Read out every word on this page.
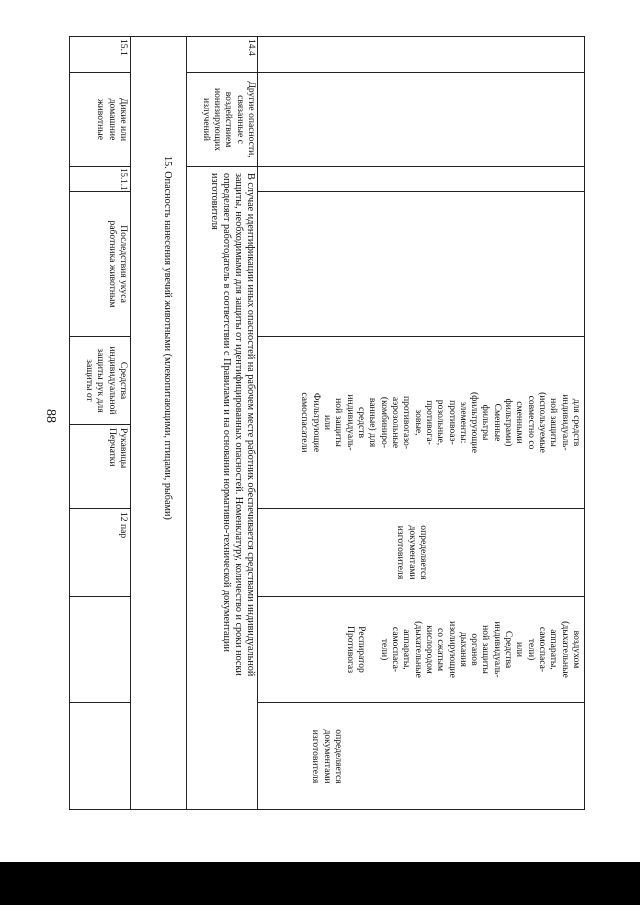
88	для средств
индивидуаль-
ной защиты
(используемые
совместно со
сменными
фильтрами)
Сменные
фильтры
(фильтрующие
элементы:
противоаэ-
розольные,
противога-
зовые,
противогазо-
аэрозольные
(комбиниро-
ванные) для
средств
индивидуаль-
ной защиты
или
Фильтрующие
самоспасатели
определяется
документами
изготовителя
воздухом
(дыхательные
аппараты,
самоспаса-
тели)
или
Средства
индивидуаль-
ной защиты
органов
дыхания
изолирующие
со сжатым
кислородом
(дыхательные
аппараты,
самоспаса-
тели)

Респиратор
Противогаз
определяется
документами
изготовителя
14.4
Другие опасности,
связанные с
воздействием
ионизирующих
излучений
В случае идентификации иных опасностей на рабочем месте работник обеспечивается средствами индивидуальной
защиты, необходимыми для защиты от идентифицированных опасностей. Номенклатуру, количество и сроки носки
определяет работодатель в соответствии с Правилами и на основании нормативно-технической документации
изготовителя
15. Опасность нанесения увечий животными (млекопитающими, птицами, рыбами)
15.1
Дикие или
домашние
животные
15.1.1
Последствия укуса
работника животным
Средства
индивидуальной
защиты рук для
защиты от
Рукавицы
Перчатки
12 пар
